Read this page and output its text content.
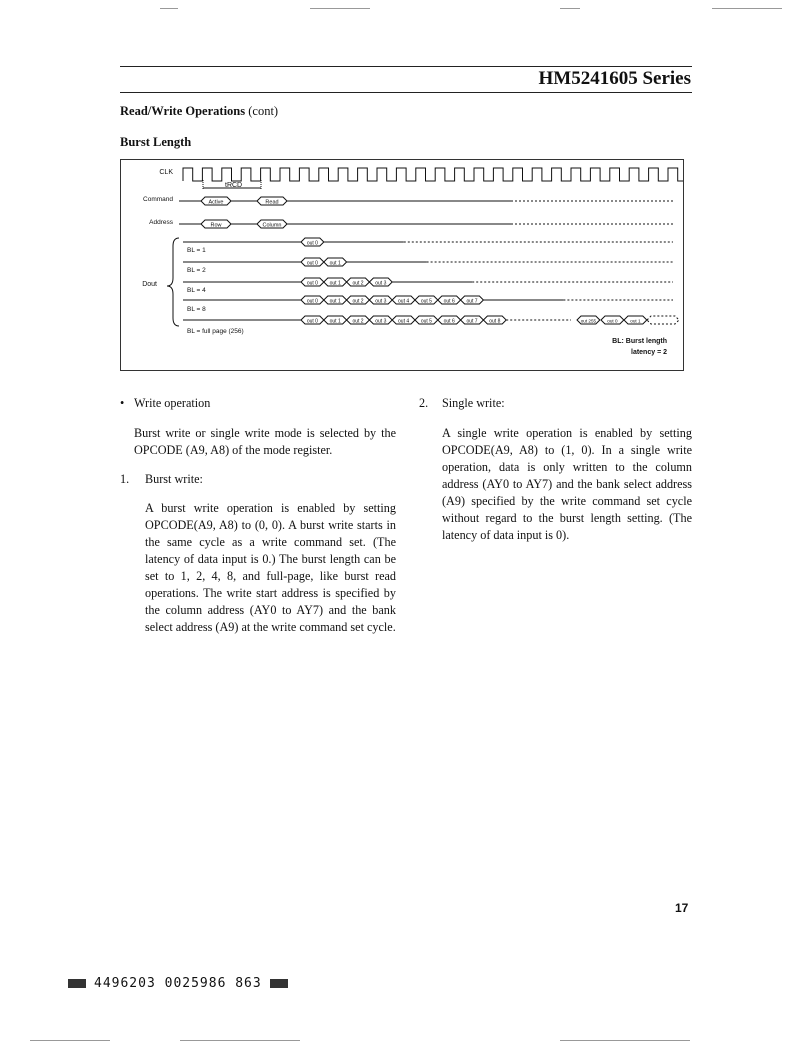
HM5241605 Series
Read/Write Operations (cont)
Burst Length
CLK
Command
Address
Dout
tRCD
Active	Read
Row	Column
BL = 1
out 0
BL = 2
out 0 out 1
BL = 4
out 0 out 1 out 2 out 3
BL = 8
out 0 out 1 out 2 out 3 out 4 out 5 out 6 out 7
BL = full page (256)
out 0 out 1 out 2 out 3 out 4 out 5 out 6 out 7 out 8	out 255 out 0	out 1
BL: Burst length
latency = 2
• Write operation

Burst write or single write mode is selected by the OPCODE (A9, A8) of the mode register.

1. Burst write:

A burst write operation is enabled by setting OPCODE(A9, A8) to (0, 0). A burst write starts in the same cycle as a write command set. (The latency of data input is 0.) The burst length can be set to 1, 2, 4, 8, and full-page, like burst read operations. The write start address is specified by the column address (AY0 to AY7) and the bank select address (A9) at the write command set cycle.

2. Single write:

A single write operation is enabled by setting OPCODE(A9, A8) to (1, 0). In a single write operation, data is only written to the column address (AY0 to AY7) and the bank select address (A9) specified by the write command set cycle without regard to the burst length setting. (The latency of data input is 0).

17
4496203 0025986 863
